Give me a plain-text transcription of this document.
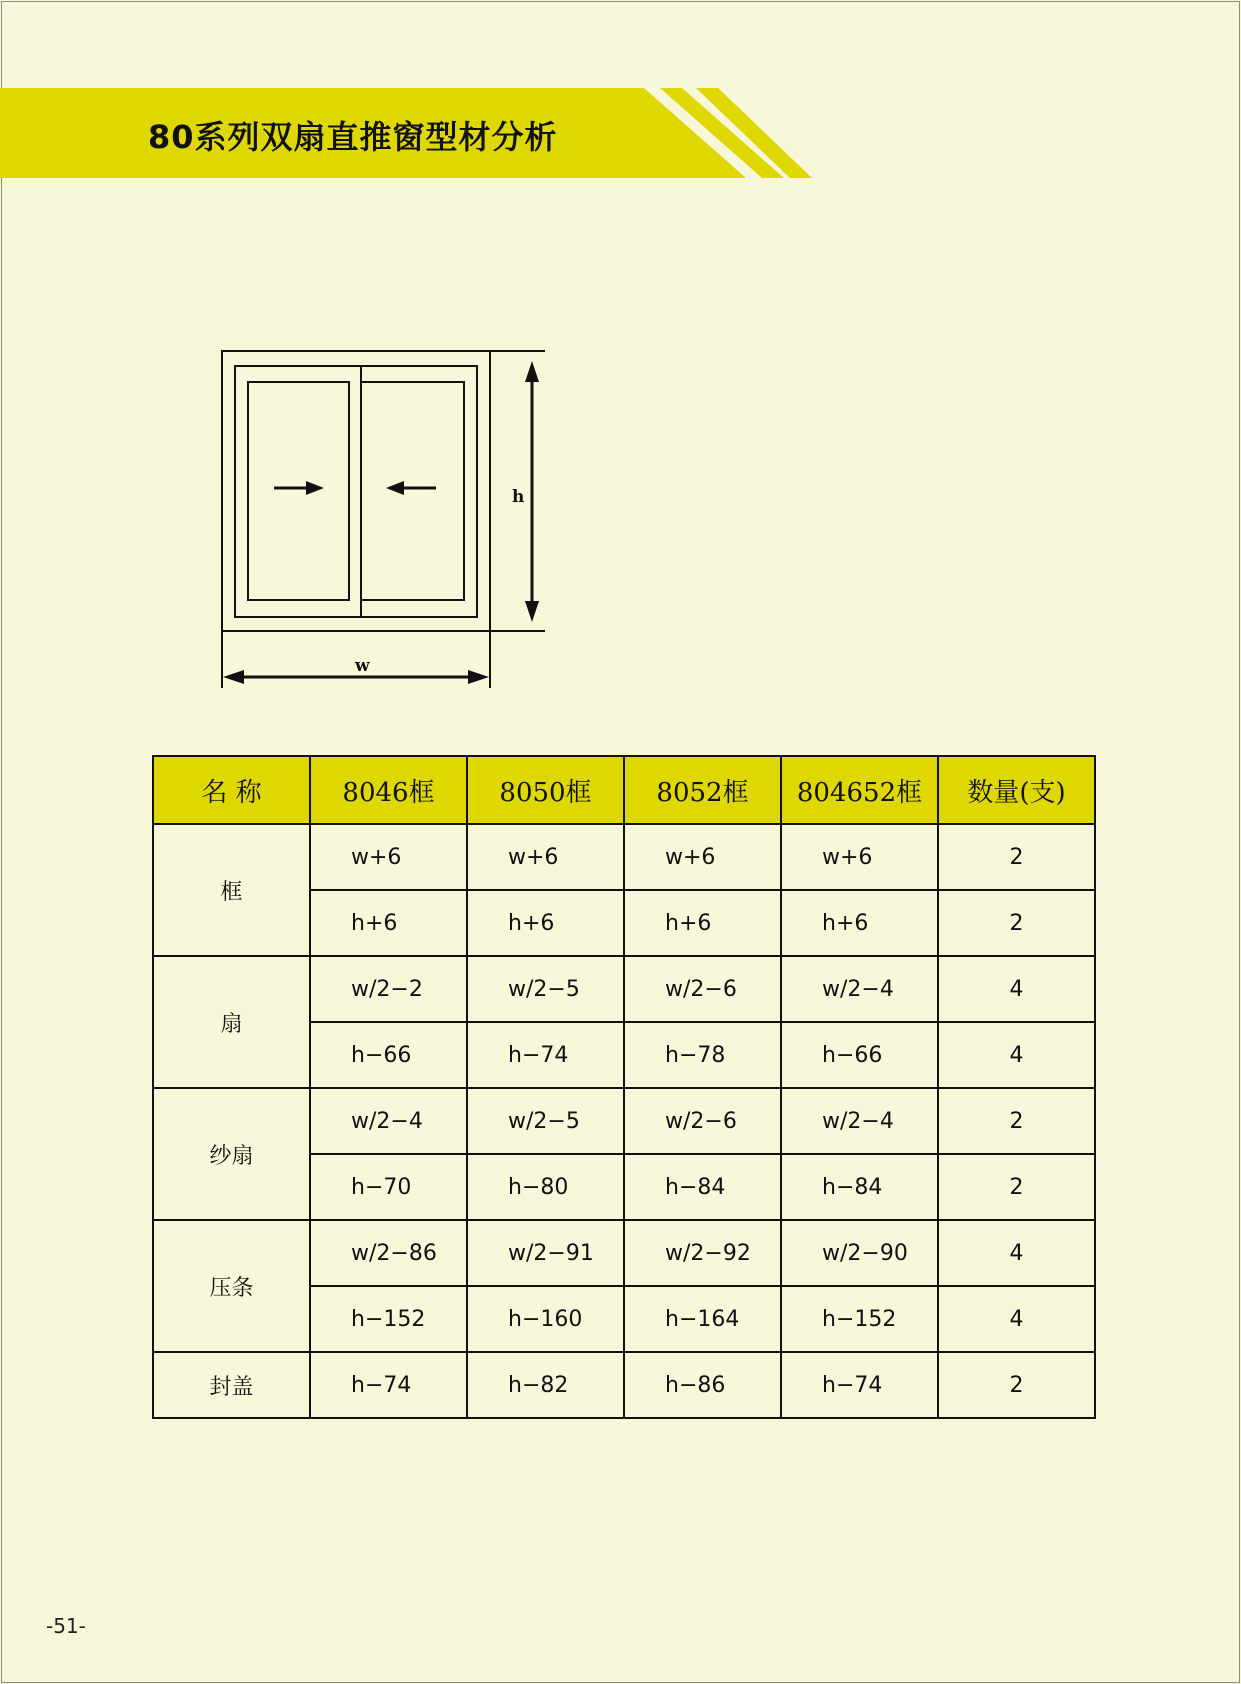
80系列双扇直推窗型材分析
h
w
名 称	8046框	8050框	8052框	804652框	数量(支)
框	w+6	w+6	w+6	w+6	2
	h+6	h+6	h+6	h+6	2
扇	w/2−2	w/2−5	w/2−6	w/2−4	4
	h−66	h−74	h−78	h−66	4
纱扇	w/2−4	w/2−5	w/2−6	w/2−4	2
	h−70	h−80	h−84	h−84	2
压条	w/2−86	w/2−91	w/2−92	w/2−90	4
	h−152	h−160	h−164	h−152	4
封盖	h−74	h−82	h−86	h−74	2
-51-
